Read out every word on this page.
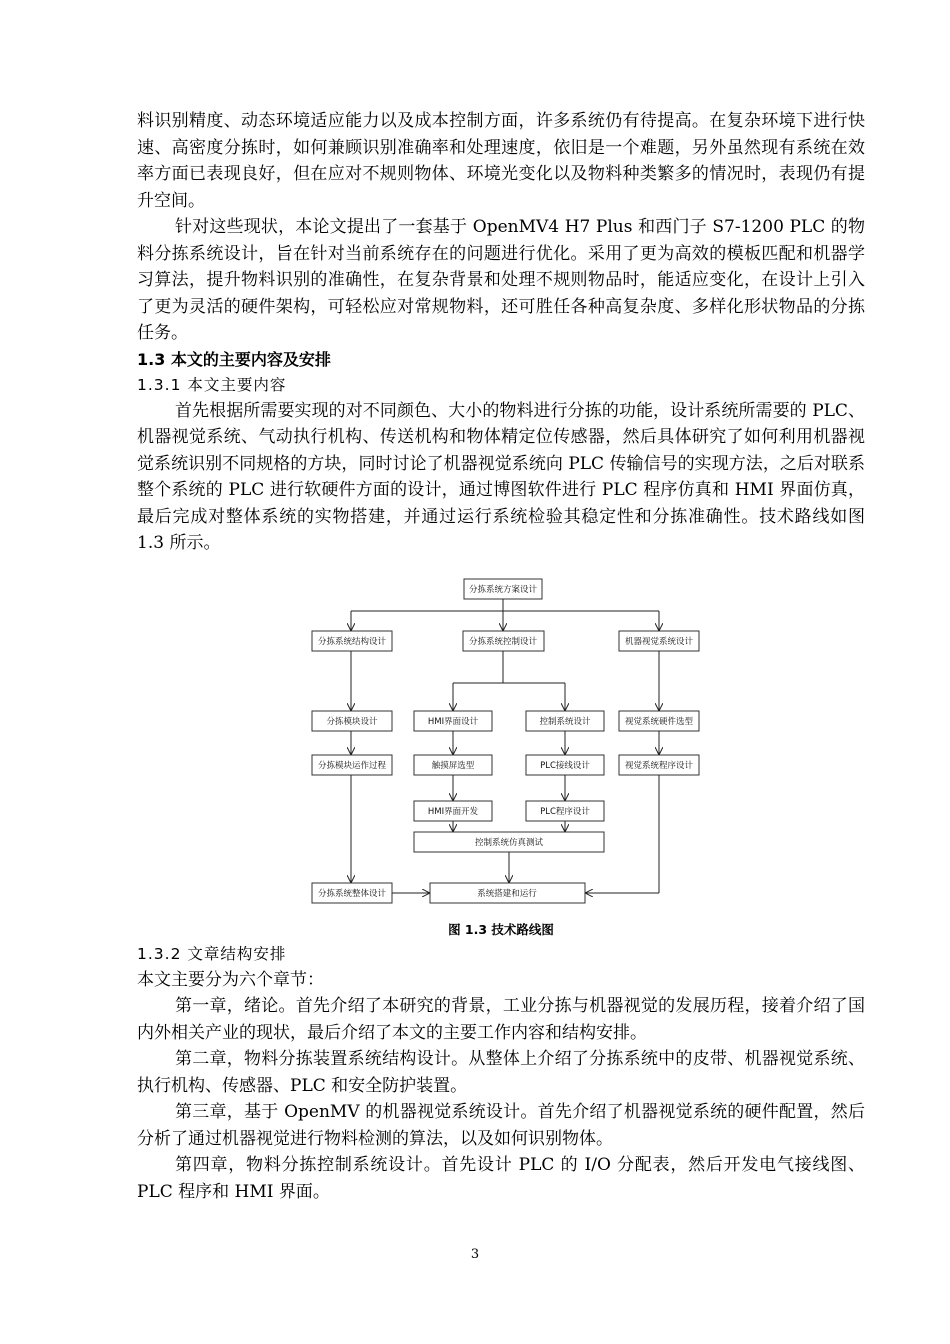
料识别精度、动态环境适应能力以及成本控制方面，许多系统仍有待提高。在复杂环境下进行快速、高密度分拣时，如何兼顾识别准确率和处理速度，依旧是一个难题，另外虽然现有系统在效率方面已表现良好，但在应对不规则物体、环境光变化以及物料种类繁多的情况时，表现仍有提升空间。

针对这些现状，本论文提出了一套基于 OpenMV4 H7 Plus 和西门子 S7-1200 PLC 的物料分拣系统设计，旨在针对当前系统存在的问题进行优化。采用了更为高效的模板匹配和机器学习算法，提升物料识别的准确性，在复杂背景和处理不规则物品时，能适应变化，在设计上引入了更为灵活的硬件架构，可轻松应对常规物料，还可胜任各种高复杂度、多样化形状物品的分拣任务。

1.3 本文的主要内容及安排

1.3.1 本文主要内容

首先根据所需要实现的对不同颜色、大小的物料进行分拣的功能，设计系统所需要的 PLC、机器视觉系统、气动执行机构、传送机构和物体精定位传感器，然后具体研究了如何利用机器视觉系统识别不同规格的方块，同时讨论了机器视觉系统向 PLC 传输信号的实现方法，之后对联系整个系统的 PLC 进行软硬件方面的设计，通过博图软件进行 PLC 程序仿真和 HMI 界面仿真，最后完成对整体系统的实物搭建，并通过运行系统检验其稳定性和分拣准确性。技术路线如图 1.3 所示。

分拣系统方案设计
分拣系统结构设计	分拣系统控制设计	机器视觉系统设计
分拣模块设计	HMI界面设计	控制系统设计	视觉系统硬件选型
分拣模块运作过程	触摸屏选型	PLC接线设计	视觉系统程序设计
HMI界面开发	PLC程序设计
控制系统仿真测试
分拣系统整体设计	系统搭建和运行

图 1.3 技术路线图

1.3.2 文章结构安排

本文主要分为六个章节：

第一章，绪论。首先介绍了本研究的背景，工业分拣与机器视觉的发展历程，接着介绍了国内外相关产业的现状，最后介绍了本文的主要工作内容和结构安排。

第二章，物料分拣装置系统结构设计。从整体上介绍了分拣系统中的皮带、机器视觉系统、执行机构、传感器、PLC 和安全防护装置。

第三章，基于 OpenMV 的机器视觉系统设计。首先介绍了机器视觉系统的硬件配置，然后分析了通过机器视觉进行物料检测的算法，以及如何识别物体。

第四章，物料分拣控制系统设计。首先设计 PLC 的 I/O 分配表，然后开发电气接线图、PLC 程序和 HMI 界面。

3
